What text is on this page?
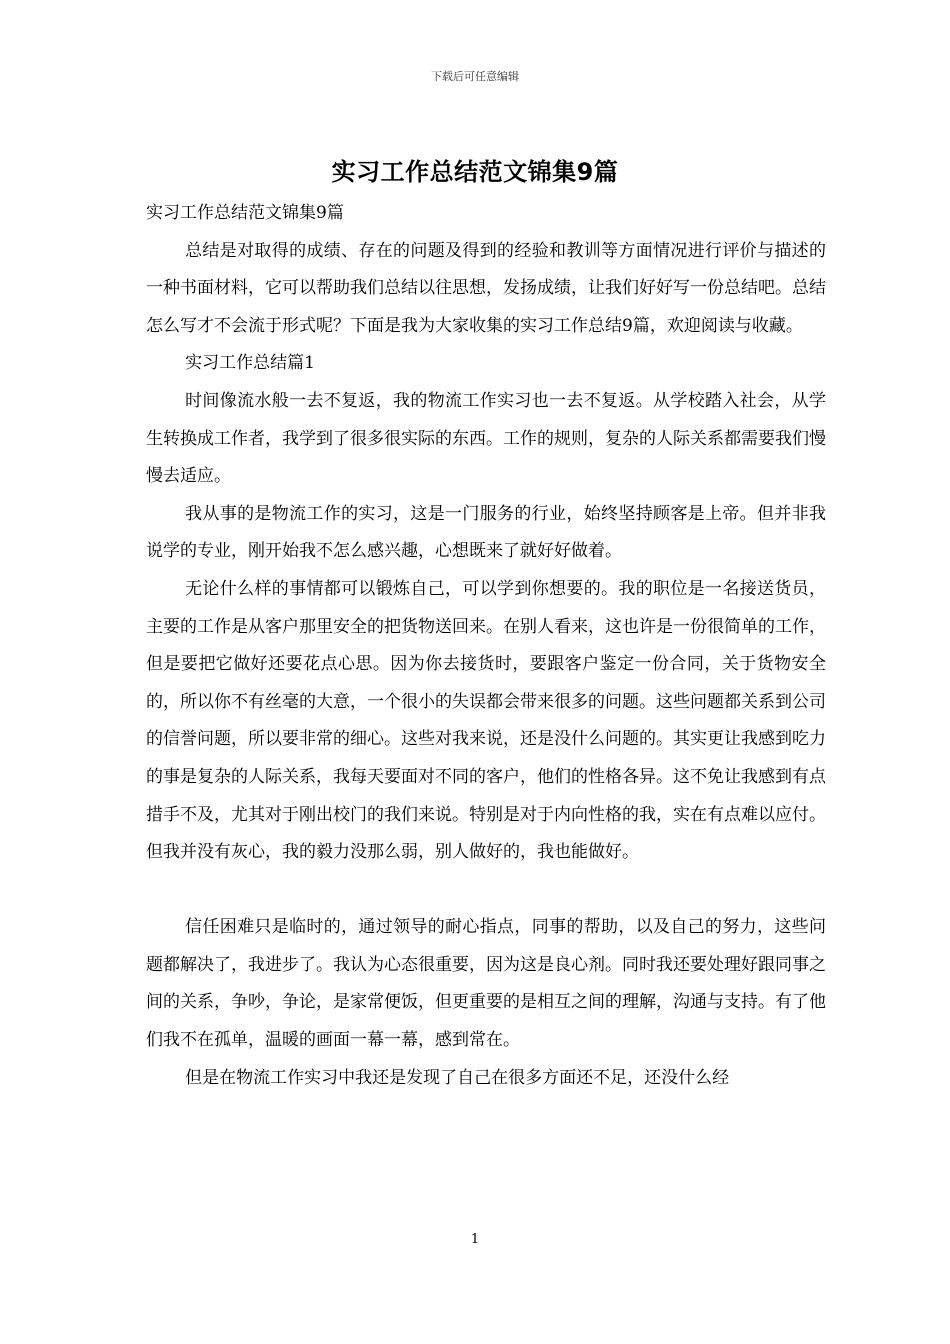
下载后可任意编辑
实习工作总结范文锦集9篇

实习工作总结范文锦集9篇

总结是对取得的成绩、存在的问题及得到的经验和教训等方面情况进行评价与描述的一种书面材料，它可以帮助我们总结以往思想，发扬成绩，让我们好好写一份总结吧。总结怎么写才不会流于形式呢？下面是我为大家收集的实习工作总结9篇，欢迎阅读与收藏。

实习工作总结篇1

时间像流水般一去不复返，我的物流工作实习也一去不复返。从学校踏入社会，从学生转换成工作者，我学到了很多很实际的东西。工作的规则，复杂的人际关系都需要我们慢慢去适应。

我从事的是物流工作的实习，这是一门服务的行业，始终坚持顾客是上帝。但并非我说学的专业，刚开始我不怎么感兴趣，心想既来了就好好做着。

无论什么样的事情都可以锻炼自己，可以学到你想要的。我的职位是一名接送货员，主要的工作是从客户那里安全的把货物送回来。在别人看来，这也许是一份很简单的工作，但是要把它做好还要花点心思。因为你去接货时，要跟客户鉴定一份合同，关于货物安全的，所以你不有丝毫的大意，一个很小的失误都会带来很多的问题。这些问题都关系到公司的信誉问题，所以要非常的细心。这些对我来说，还是没什么问题的。其实更让我感到吃力的事是复杂的人际关系，我每天要面对不同的客户，他们的性格各异。这不免让我感到有点措手不及，尤其对于刚出校门的我们来说。特别是对于内向性格的我，实在有点难以应付。但我并没有灰心，我的毅力没那么弱，别人做好的，我也能做好。

信任困难只是临时的，通过领导的耐心指点，同事的帮助，以及自己的努力，这些问题都解决了，我进步了。我认为心态很重要，因为这是良心剂。同时我还要处理好跟同事之间的关系，争吵，争论，是家常便饭，但更重要的是相互之间的理解，沟通与支持。有了他们我不在孤单，温暖的画面一幕一幕，感到常在。

但是在物流工作实习中我还是发现了自己在很多方面还不足，还没什么经

1
